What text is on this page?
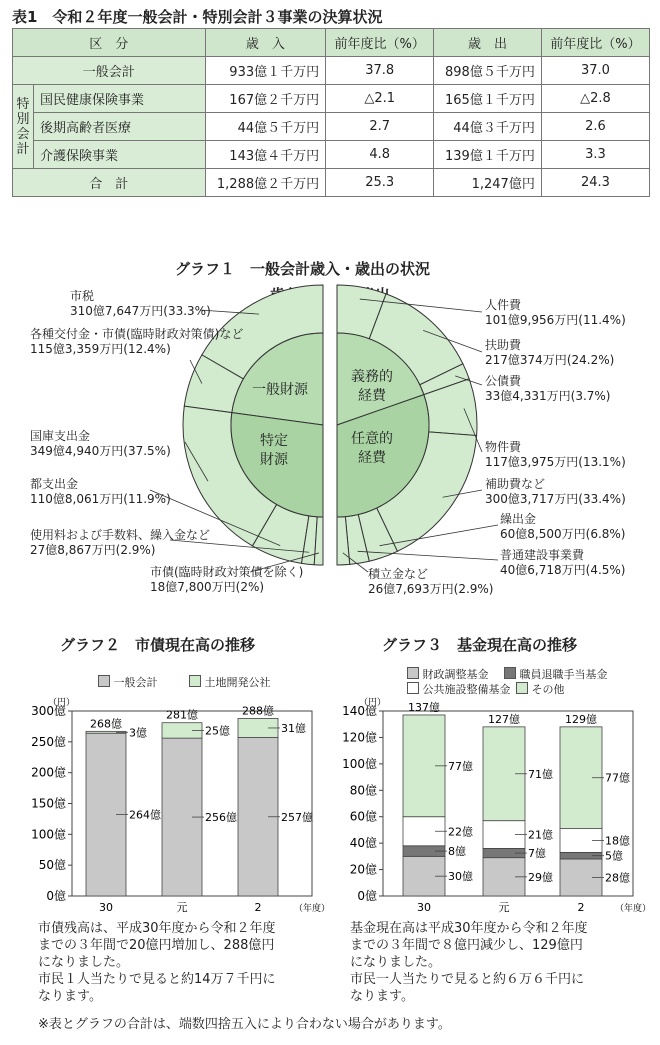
表1　令和２年度一般会計・特別会計３事業の決算状況
区　分		歳　入	前年度比（%）	歳　出	前年度比（%）
一般会計		933億１千万円	37.8	898億５千万円	37.0
特別会計	国民健康保険事業	167億２千万円	△2.1	165億１千万円	△2.8
	後期高齢者医療	44億５千万円	2.7	44億３千万円	2.6
	介護保険事業	143億４千万円	4.8	139億１千万円	3.3
合　計		1,288億２千万円	25.3	1,247億円	24.3
グラフ１　一般会計歳入・歳出の状況
一般財源
特定財源
義務的経費
任意的経費
市税
310億7,647万円(33.3%)
各種交付金・市債(臨時財政対策債)など
115億3,359万円(12.4%)
国庫支出金
349億4,940万円(37.5%)
都支出金
110億8,061万円(11.9%)
使用料および手数料、繰入金など
27億8,867万円(2.9%)
市債(臨時財政対策債を除く)
18億7,800万円(2%)
人件費
101億9,956万円(11.4%)
扶助費
217億374万円(24.2%)
公債費
33億4,331万円(3.7%)
物件費
117億3,975万円(13.1%)
補助費など
300億3,717万円(33.4%)
繰出金
60億8,500万円(6.8%)
普通建設事業費
40億6,718万円(4.5%)
積立金など
26億7,693万円(2.9%)
グラフ２　市債現在高の推移	グラフ３　基金現在高の推移
一般会計	土地開発公社
財政調整基金	職員退職手当基金
公共施設整備基金 その他
0億
50億
100億
150億
200億
250億
300億
（円）
（年度）
264億
3億
268億
30
256億
25億
281億
元
257億
31億
288億
2
0億
20億
40億
60億
80億
100億
120億
140億
（円）
（年度）
30億
8億
22億
77億
137億
30
29億
7億
21億
71億
127億
元
28億
5億
18億
77億
129億
2
市債残高は、平成30年度から令和２年度
までの３年間で20億円増加し、288億円
になりました。
市民１人当たりで見ると約14万７千円に
なります。
基金現在高は平成30年度から令和２年度
までの３年間で８億円減少し、129億円
になりました。
市民一人当たりで見ると約６万６千円に
なります。
※表とグラフの合計は、端数四捨五入により合わない場合があります。
